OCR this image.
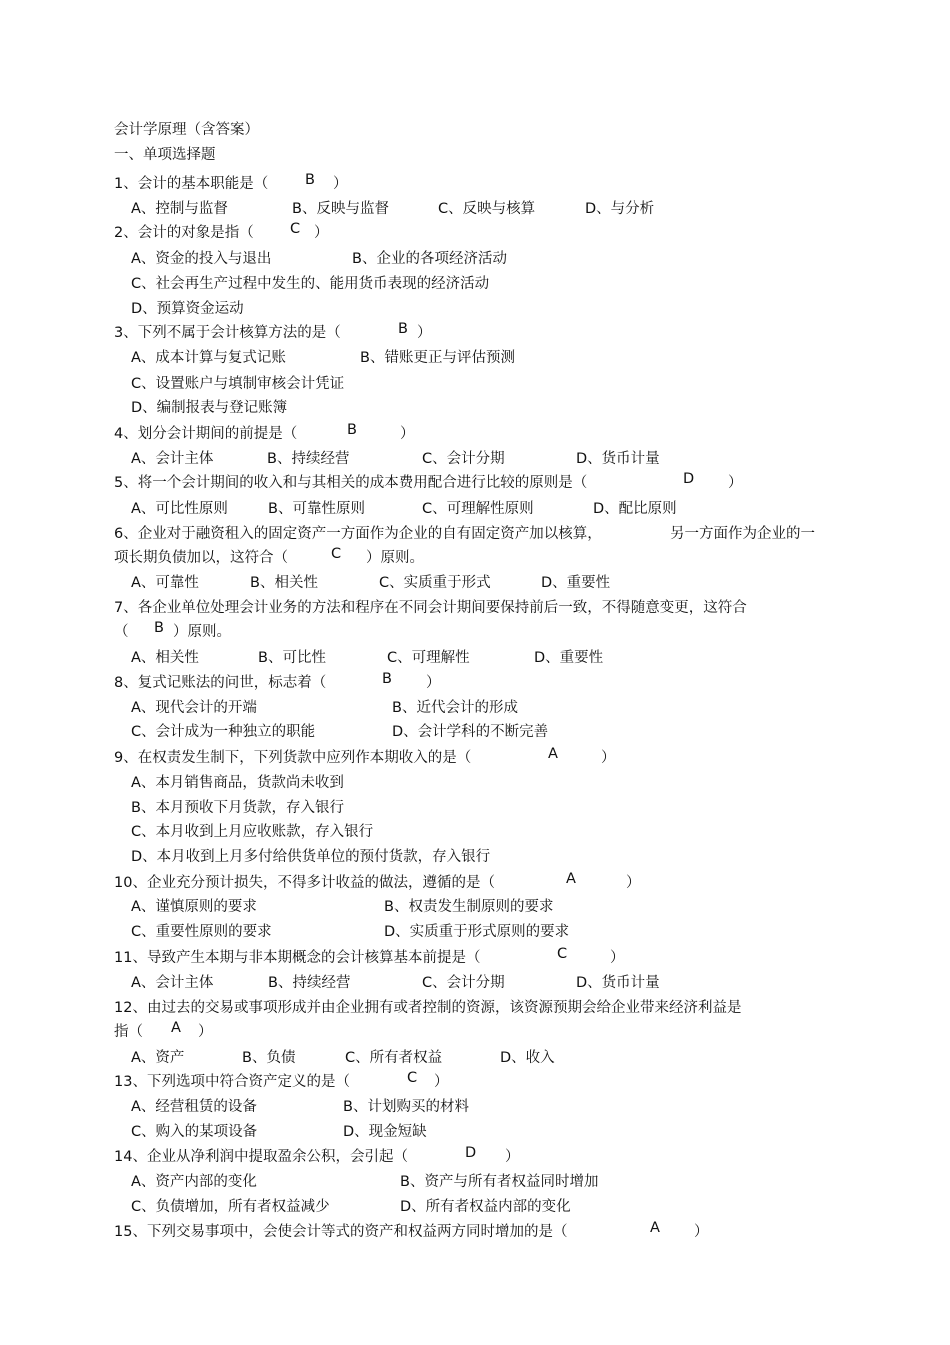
会计学原理（含答案）
一、单项选择题
1、会计的基本职能是（	B ）
A、控制与监督	B、反映与监督	C、反映与核算	D、与分析
2、会计的对象是指（	C ）
A、资金的投入与退出	B、企业的各项经济活动
C、社会再生产过程中发生的、能用货币表现的经济活动
D、预算资金运动
3、下列不属于会计核算方法的是（	B ）
A、成本计算与复式记账	B、错账更正与评估预测
C、设置账户与填制审核会计凭证
D、编制报表与登记账簿
4、划分会计期间的前提是（	B	）
A、会计主体	B、持续经营	C、会计分期	D、货币计量
5、将一个会计期间的收入和与其相关的成本费用配合进行比较的原则是（	D ）
A、可比性原则	B、可靠性原则	C、可理解性原则	D、配比原则
6、企业对于融资租入的固定资产一方面作为企业的自有固定资产加以核算，	另一方面作为企业的一
项长期负债加以，这符合（	C ）原则。
A、可靠性	B、相关性	C、实质重于形式	D、重要性
7、各企业单位处理会计业务的方法和程序在不同会计期间要保持前后一致，不得随意变更，这符合
（ B ）原则。
A、相关性	B、可比性	C、可理解性	D、重要性
8、复式记账法的问世，标志着（	B ）
A、现代会计的开端	B、近代会计的形成
C、会计成为一种独立的职能	D、会计学科的不断完善
9、在权责发生制下，下列货款中应列作本期收入的是（	A	）
A、本月销售商品，货款尚未收到
B、本月预收下月货款，存入银行
C、本月收到上月应收账款，存入银行
D、本月收到上月多付给供货单位的预付货款，存入银行
10、企业充分预计损失，不得多计收益的做法，遵循的是（	A	）
A、谨慎原则的要求	B、权责发生制原则的要求
C、重要性原则的要求	D、实质重于形式原则的要求
11、导致产生本期与非本期概念的会计核算基本前提是（	C	）
A、会计主体	B、持续经营	C、会计分期	D、货币计量
12、由过去的交易或事项形成并由企业拥有或者控制的资源，该资源预期会给企业带来经济利益是
指（ A ）
A、资产	B、负债	C、所有者权益	D、收入
13、下列选项中符合资产定义的是（	C ）
A、经营租赁的设备	B、计划购买的材料
C、购入的某项设备	D、现金短缺
14、企业从净利润中提取盈余公积，会引起（	D ）
A、资产内部的变化	B、资产与所有者权益同时增加
C、负债增加，所有者权益减少	D、所有者权益内部的变化
15、下列交易事项中，会使会计等式的资产和权益两方同时增加的是（	A ）
